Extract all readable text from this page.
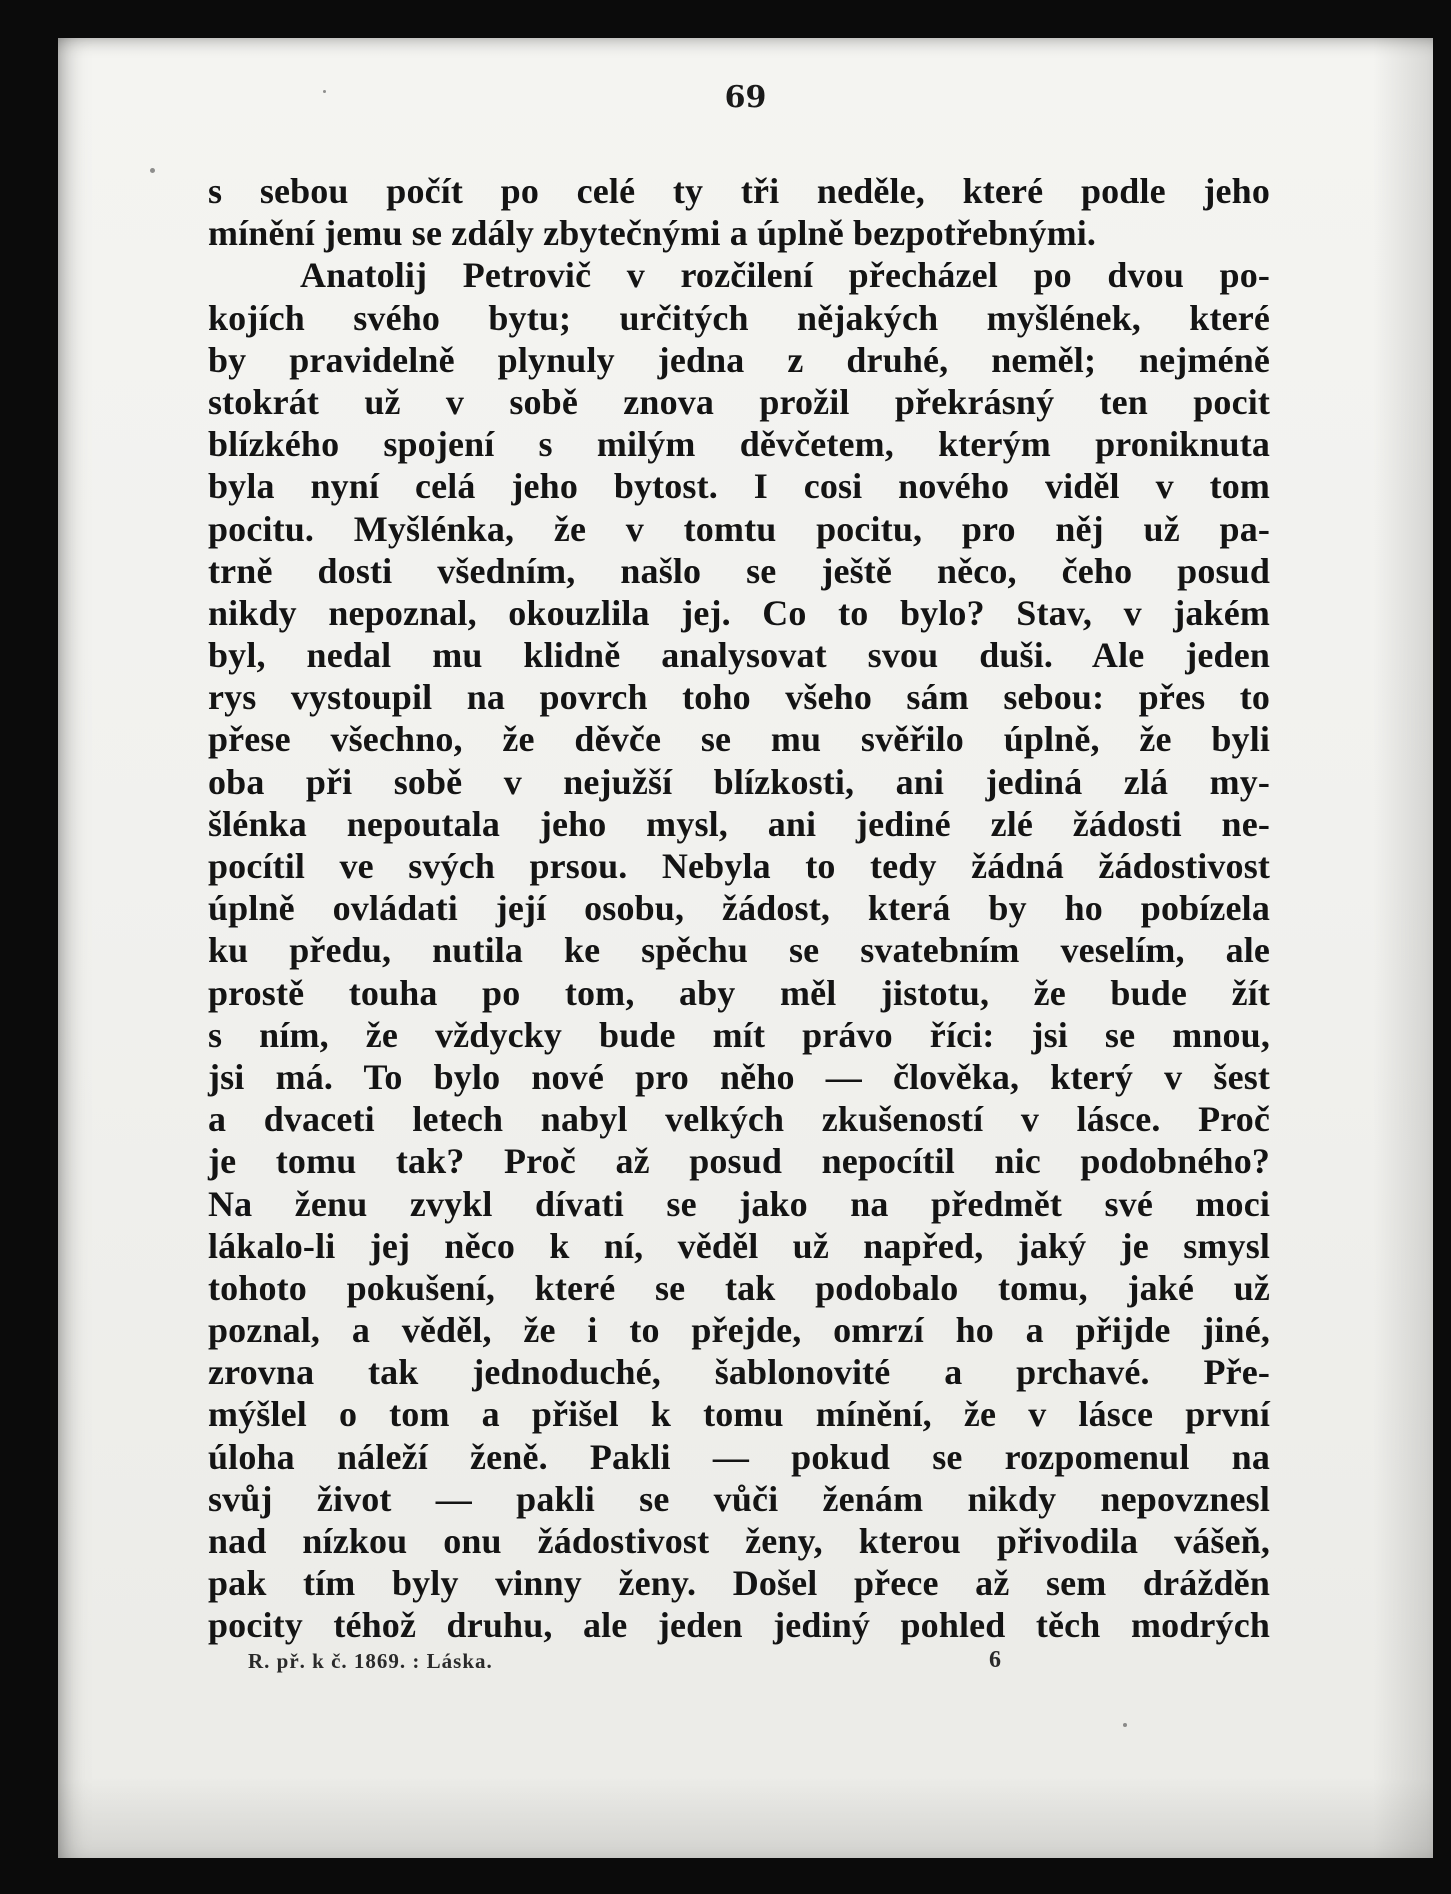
69
s sebou počít po celé ty tři neděle, které podle jeho
mínění jemu se zdály zbytečnými a úplně bezpotřebnými.
Anatolij Petrovič v rozčilení přecházel po dvou po-
kojích svého bytu; určitých nějakých myšlének, které
by pravidelně plynuly jedna z druhé, neměl; nejméně
stokrát už v sobě znova prožil překrásný ten pocit
blízkého spojení s milým děvčetem, kterým proniknuta
byla nyní celá jeho bytost. I cosi nového viděl v tom
pocitu. Myšlénka, že v tomtu pocitu, pro něj už pa-
trně dosti všedním, našlo se ještě něco, čeho posud
nikdy nepoznal, okouzlila jej. Co to bylo? Stav, v jakém
byl, nedal mu klidně analysovat svou duši. Ale jeden
rys vystoupil na povrch toho všeho sám sebou: přes to
přese všechno, že děvče se mu svěřilo úplně, že byli
oba při sobě v nejužší blízkosti, ani jediná zlá my-
šlénka nepoutala jeho mysl, ani jediné zlé žádosti ne-
pocítil ve svých prsou. Nebyla to tedy žádná žádostivost
úplně ovládati její osobu, žádost, která by ho pobízela
ku předu, nutila ke spěchu se svatebním veselím, ale
prostě touha po tom, aby měl jistotu, že bude žít
s ním, že vždycky bude mít právo říci: jsi se mnou,
jsi má. To bylo nové pro něho — člověka, který v šest
a dvaceti letech nabyl velkých zkušeností v lásce. Proč
je tomu tak? Proč až posud nepocítil nic podobného?
Na ženu zvykl dívati se jako na předmět své moci
lákalo-li jej něco k ní, věděl už napřed, jaký je smysl
tohoto pokušení, které se tak podobalo tomu, jaké už
poznal, a věděl, že i to přejde, omrzí ho a přijde jiné,
zrovna tak jednoduché, šablonovité a prchavé. Pře-
mýšlel o tom a přišel k tomu mínění, že v lásce první
úloha náleží ženě. Pakli — pokud se rozpomenul na
svůj život — pakli se vůči ženám nikdy nepovznesl
nad nízkou onu žádostivost ženy, kterou přivodila vášeň,
pak tím byly vinny ženy. Došel přece až sem drážděn
pocity téhož druhu, ale jeden jediný pohled těch modrých
R. př. k č. 1869. : Láska.	6
